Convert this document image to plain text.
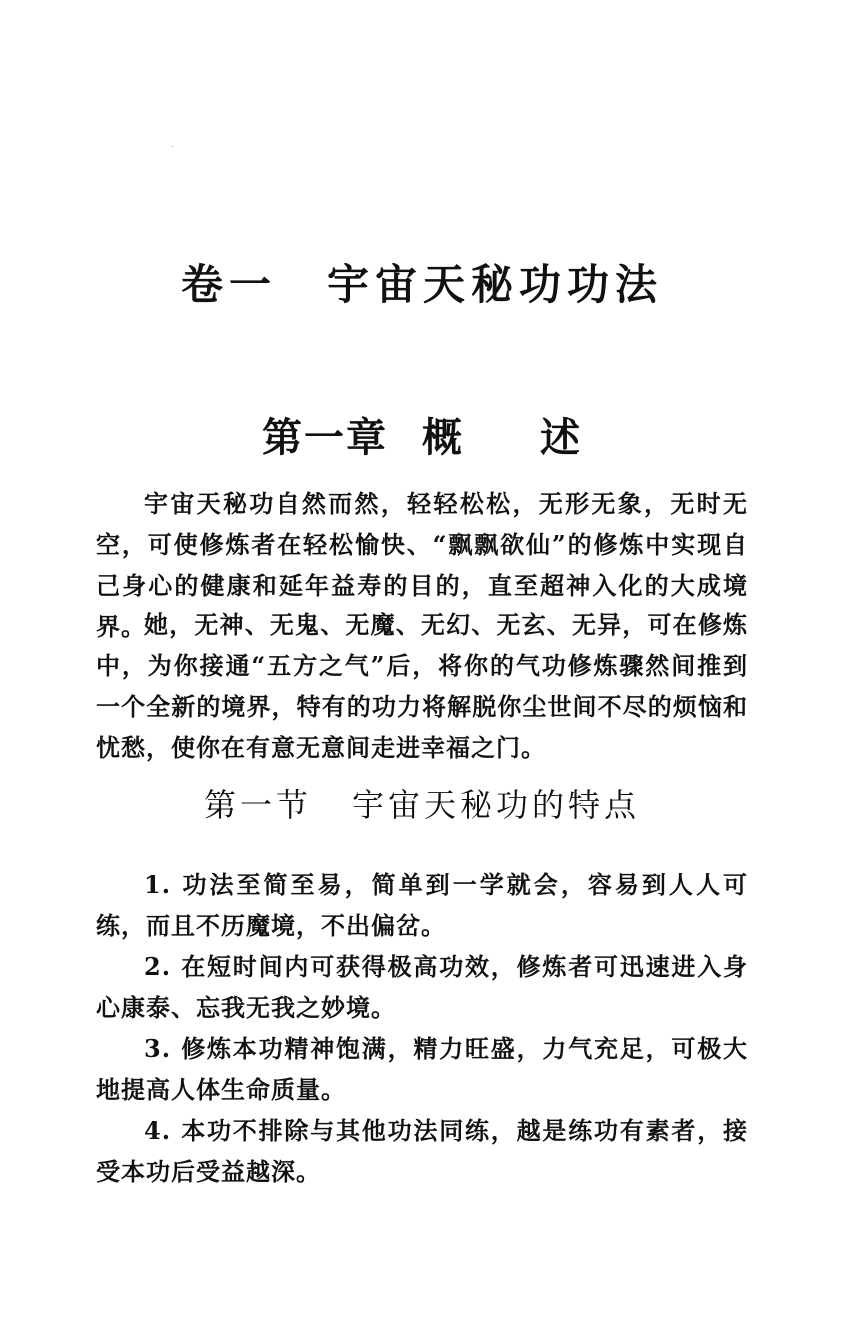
卷一 宇宙天秘功功法
第一章 概 述

宇宙天秘功自然而然，轻轻松松，无形无象，无时无空，可使修炼者在轻松愉快、“飘飘欲仙”的修炼中实现自己身心的健康和延年益寿的目的，直至超神入化的大成境界。

她，无神、无鬼、无魔、无幻、无玄、无异，可在修炼中，为你接通“五方之气”后，将你的气功修炼骤然间推到一个全新的境界，特有的功力将解脱你尘世间不尽的烦恼和忧愁，使你在有意无意间走进幸福之门。

第一节 宇宙天秘功的特点

1. 功法至简至易，简单到一学就会，容易到人人可练，而且不历魔境，不出偏岔。

2. 在短时间内可获得极高功效，修炼者可迅速进入身心康泰、忘我无我之妙境。

3. 修炼本功精神饱满，精力旺盛，力气充足，可极大地提高人体生命质量。

4. 本功不排除与其他功法同练，越是练功有素者，接受本功后受益越深。
